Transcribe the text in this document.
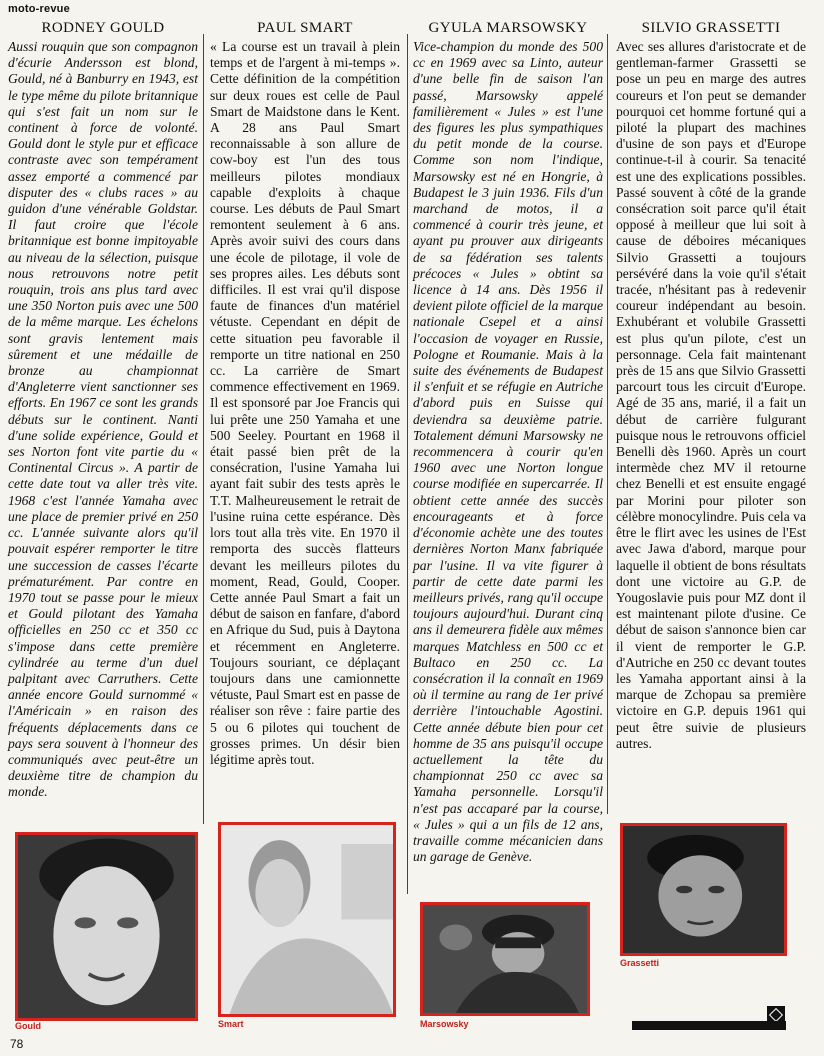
moto-revue
RODNEY GOULD

Aussi rouquin que son compagnon d'écurie Andersson est blond, Gould, né à Banburry en 1943, est le type même du pilote britannique qui s'est fait un nom sur le continent à force de volonté. Gould dont le style pur et efficace contraste avec son tempérament assez emporté a commencé par disputer des « clubs races » au guidon d'une vénérable Goldstar. Il faut croire que l'école britannique est bonne impitoyable au niveau de la sélection, puisque nous retrouvons notre petit rouquin, trois ans plus tard avec une 350 Norton puis avec une 500 de la même marque. Les échelons sont gravis lentement mais sûrement et une médaille de bronze au championnat d'Angleterre vient sanctionner ses efforts. En 1967 ce sont les grands débuts sur le continent. Nanti d'une solide expérience, Gould et ses Norton font vite partie du « Continental Circus ». A partir de cette date tout va aller très vite. 1968 c'est l'année Yamaha avec une place de premier privé en 250 cc. L'année suivante alors qu'il pouvait espérer remporter le titre une succession de casses l'écarte prématurément. Par contre en 1970 tout se passe pour le mieux et Gould pilotant des Yamaha officielles en 250 cc et 350 cc s'impose dans cette première cylindrée au terme d'un duel palpitant avec Carruthers. Cette année encore Gould surnommé « l'Américain » en raison des fréquents déplacements dans ce pays sera souvent à l'honneur des communiqués avec peut-être un deuxième titre de champion du monde.

PAUL SMART

« La course est un travail à plein temps et de l'argent à mi-temps ». Cette définition de la compétition sur deux roues est celle de Paul Smart de Maidstone dans le Kent. A 28 ans Paul Smart reconnaissable à son allure de cow-boy est l'un des tous meilleurs pilotes mondiaux capable d'exploits à chaque course. Les débuts de Paul Smart remontent seulement à 6 ans. Après avoir suivi des cours dans une école de pilotage, il vole de ses propres ailes. Les débuts sont difficiles. Il est vrai qu'il dispose faute de finances d'un matériel vétuste. Cependant en dépit de cette situation peu favorable il remporte un titre national en 250 cc. La carrière de Smart commence effectivement en 1969. Il est sponsoré par Joe Francis qui lui prête une 250 Yamaha et une 500 Seeley. Pourtant en 1968 il était passé bien prêt de la consécration, l'usine Yamaha lui ayant fait subir des tests après le T.T. Malheureusement le retrait de l'usine ruina cette espérance. Dès lors tout alla très vite. En 1970 il remporta des succès flatteurs devant les meilleurs pilotes du moment, Read, Gould, Cooper. Cette année Paul Smart a fait un début de saison en fanfare, d'abord en Afrique du Sud, puis à Daytona et récemment en Angleterre. Toujours souriant, ce déplaçant toujours dans une camionnette vétuste, Paul Smart est en passe de réaliser son rêve : faire partie des 5 ou 6 pilotes qui touchent de grosses primes. Un désir bien légitime après tout.

GYULA MARSOWSKY

Vice-champion du monde des 500 cc en 1969 avec sa Linto, auteur d'une belle fin de saison l'an passé, Marsowsky appelé familièrement « Jules » est l'une des figures les plus sympathiques du petit monde de la course. Comme son nom l'indique, Marsowsky est né en Hongrie, à Budapest le 3 juin 1936. Fils d'un marchand de motos, il a commencé à courir très jeune, et ayant pu prouver aux dirigeants de sa fédération ses talents précoces « Jules » obtint sa licence à 14 ans. Dès 1956 il devient pilote officiel de la marque nationale Csepel et a ainsi l'occasion de voyager en Russie, Pologne et Roumanie. Mais à la suite des événements de Budapest il s'enfuit et se réfugie en Autriche d'abord puis en Suisse qui deviendra sa deuxième patrie. Totalement démuni Marsowsky ne recommencera à courir qu'en 1960 avec une Norton longue course modifiée en supercarrée. Il obtient cette année des succès encourageants et à force d'économie achète une des toutes dernières Norton Manx fabriquée par l'usine. Il va vite figurer à partir de cette date parmi les meilleurs privés, rang qu'il occupe toujours aujourd'hui. Durant cinq ans il demeurera fidèle aux mêmes marques Matchless en 500 cc et Bultaco en 250 cc. La consécration il la connaît en 1969 où il termine au rang de 1er privé derrière l'intouchable Agostini. Cette année débute bien pour cet homme de 35 ans puisqu'il occupe actuellement la tête du championnat 250 cc avec sa Yamaha personnelle. Lorsqu'il n'est pas accaparé par la course, « Jules » qui a un fils de 12 ans, travaille comme mécanicien dans un garage de Genève.

SILVIO GRASSETTI

Avec ses allures d'aristocrate et de gentleman-farmer Grassetti se pose un peu en marge des autres coureurs et l'on peut se demander pourquoi cet homme fortuné qui a piloté la plupart des machines d'usine de son pays et d'Europe continue-t-il à courir. Sa tenacité est une des explications possibles. Passé souvent à côté de la grande consécration soit parce qu'il était opposé à meilleur que lui soit à cause de déboires mécaniques Silvio Grassetti a toujours persévéré dans la voie qu'il s'était tracée, n'hésitant pas à redevenir coureur indépendant au besoin. Exhubérant et volubile Grassetti est plus qu'un pilote, c'est un personnage. Cela fait maintenant près de 15 ans que Silvio Grassetti parcourt tous les circuit d'Europe. Agé de 35 ans, marié, il a fait un début de carrière fulgurant puisque nous le retrouvons officiel Benelli dès 1960. Après un court intermède chez MV il retourne chez Benelli et est ensuite engagé par Morini pour piloter son célèbre monocylindre. Puis cela va être le flirt avec les usines de l'Est avec Jawa d'abord, marque pour laquelle il obtient de bons résultats dont une victoire au G.P. de Yougoslavie puis pour MZ dont il est maintenant pilote d'usine. Ce début de saison s'annonce bien car il vient de remporter le G.P. d'Autriche en 250 cc devant toutes les Yamaha apportant ainsi à la marque de Zchopau sa première victoire en G.P. depuis 1961 qui peut être suivie de plusieurs autres.

Gould	Smart	Marsowsky
Grassetti
78
